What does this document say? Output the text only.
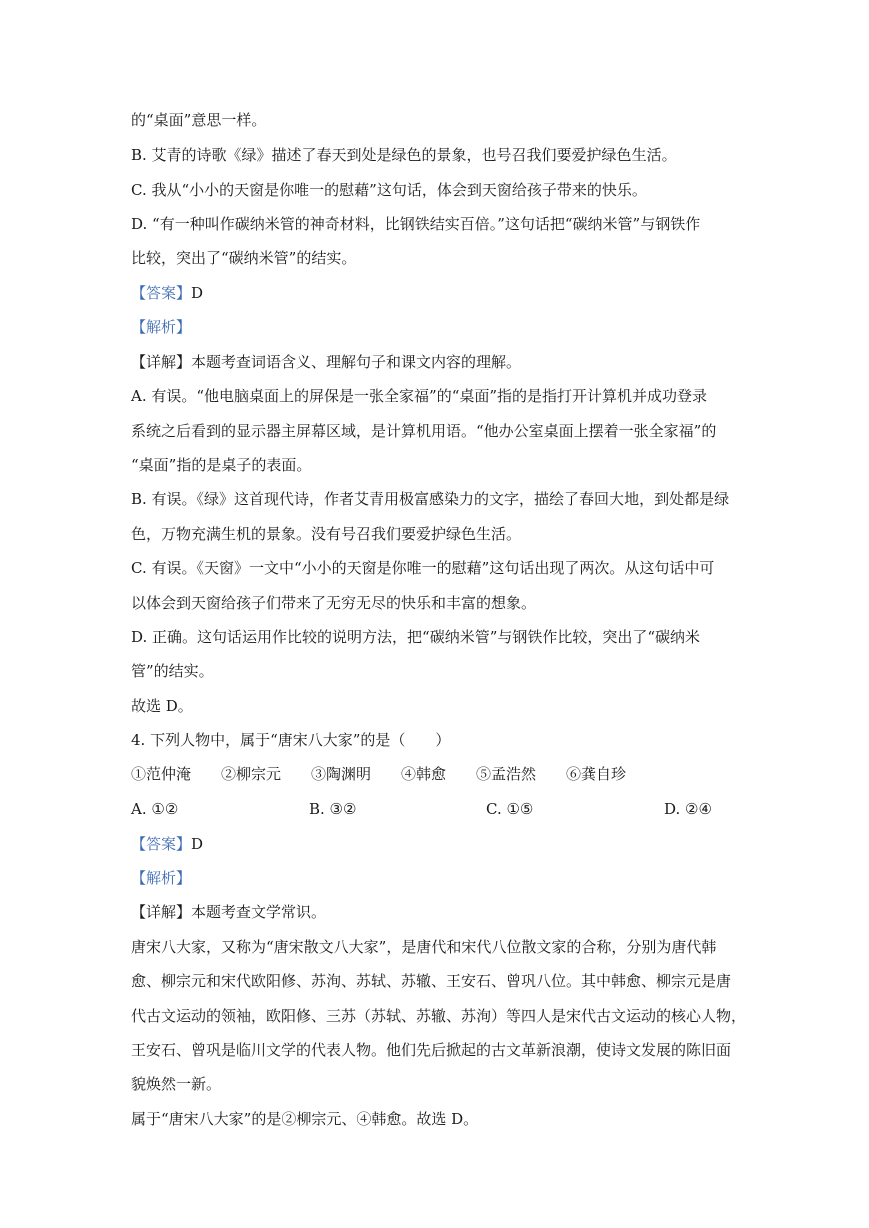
的“桌面”意思一样。
B. 艾青的诗歌《绿》描述了春天到处是绿色的景象，也号召我们要爱护绿色生活。
C. 我从“小小的天窗是你唯一的慰藉”这句话，体会到天窗给孩子带来的快乐。
D. “有一种叫作碳纳米管的神奇材料，比钢铁结实百倍。”这句话把“碳纳米管”与钢铁作
比较，突出了“碳纳米管”的结实。
【答案】D
【解析】
【详解】本题考查词语含义、理解句子和课文内容的理解。
A. 有误。“他电脑桌面上的屏保是一张全家福”的“桌面”指的是指打开计算机并成功登录
系统之后看到的显示器主屏幕区域，是计算机用语。“他办公室桌面上摆着一张全家福”的
“桌面”指的是桌子的表面。
B. 有误。《绿》这首现代诗，作者艾青用极富感染力的文字，描绘了春回大地，到处都是绿
色，万物充满生机的景象。没有号召我们要爱护绿色生活。
C. 有误。《天窗》一文中“小小的天窗是你唯一的慰藉”这句话出现了两次。从这句话中可
以体会到天窗给孩子们带来了无穷无尽的快乐和丰富的想象。
D. 正确。这句话运用作比较的说明方法，把“碳纳米管”与钢铁作比较，突出了“碳纳米
管”的结实。
故选 D。
4. 下列人物中，属于“唐宋八大家”的是（　　）
①范仲淹　　②柳宗元　　③陶渊明　　④韩愈　　⑤孟浩然　　⑥龚自珍
A. ①②	B. ③②	C. ①⑤	D. ②④
【答案】D
【解析】
【详解】本题考查文学常识。
唐宋八大家，又称为“唐宋散文八大家”，是唐代和宋代八位散文家的合称，分别为唐代韩
愈、柳宗元和宋代欧阳修、苏洵、苏轼、苏辙、王安石、曾巩八位。其中韩愈、柳宗元是唐
代古文运动的领袖，欧阳修、三苏（苏轼、苏辙、苏洵）等四人是宋代古文运动的核心人物，
王安石、曾巩是临川文学的代表人物。他们先后掀起的古文革新浪潮，使诗文发展的陈旧面
貌焕然一新。
属于“唐宋八大家”的是②柳宗元、④韩愈。故选 D。
